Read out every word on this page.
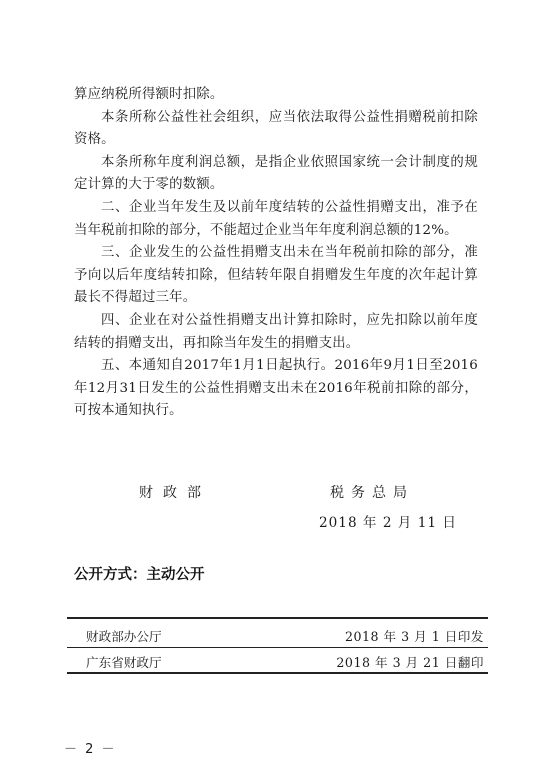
算应纳税所得额时扣除。

本条所称公益性社会组织，应当依法取得公益性捐赠税前扣除资格。

本条所称年度利润总额，是指企业依照国家统一会计制度的规定计算的大于零的数额。

二、企业当年发生及以前年度结转的公益性捐赠支出，准予在当年税前扣除的部分，不能超过企业当年年度利润总额的12%。

三、企业发生的公益性捐赠支出未在当年税前扣除的部分，准予向以后年度结转扣除，但结转年限自捐赠发生年度的次年起计算最长不得超过三年。

四、企业在对公益性捐赠支出计算扣除时，应先扣除以前年度结转的捐赠支出，再扣除当年发生的捐赠支出。

五、本通知自2017年1月1日起执行。2016年9月1日至2016年12月31日发生的公益性捐赠支出未在2016年税前扣除的部分，可按本通知执行。

财政部	税务总局
2018 年 2 月 11 日
公开方式：主动公开
财政部办公厅	2018 年 3 月 1 日印发
广东省财政厅	2018 年 3 月 21 日翻印
－ 2 －
